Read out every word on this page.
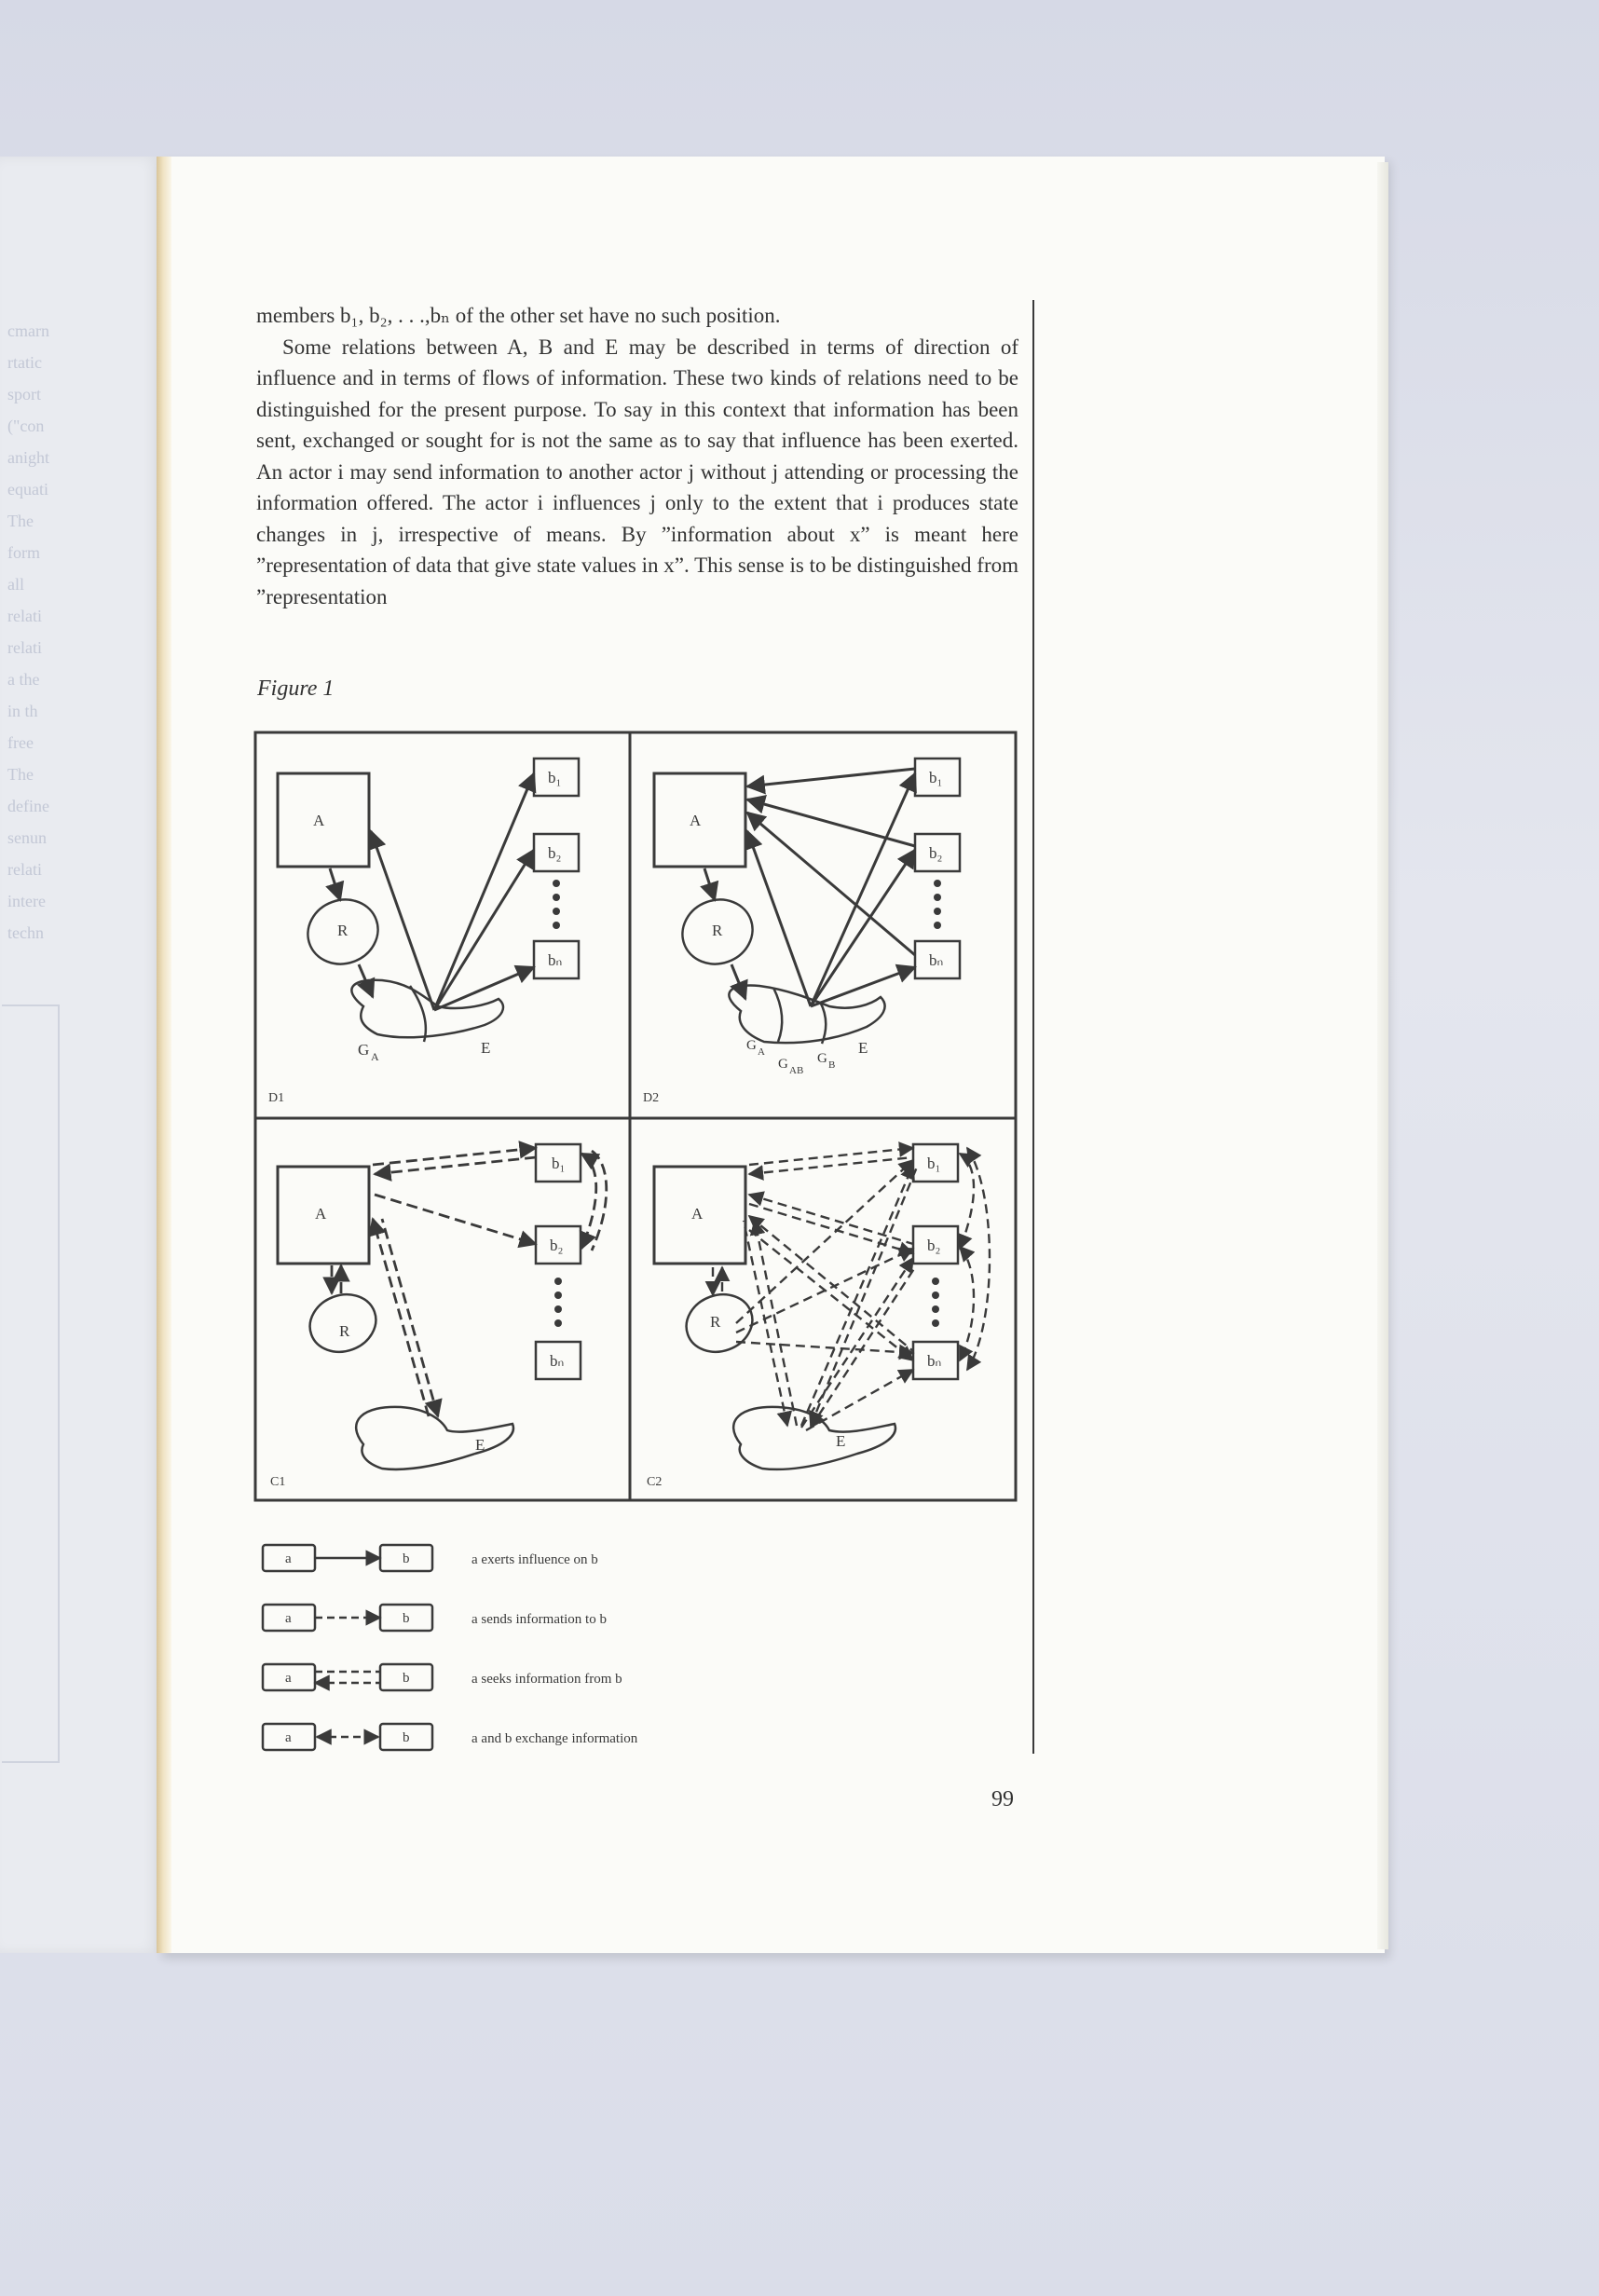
cmarn
rtatic
sport
("con
anight
equati
The
form
all
relati
relati
a the
in th
free
The
define
senun
relati
intere
techn

members b₁, b₂, . . .,bₙ of the other set have no such position.

Some relations between A, B and E may be described in terms of direction of influence and in terms of flows of information. These two kinds of relations need to be distinguished for the present purpose. To say in this context that information has been sent, exchanged or sought for is not the same as to say that influence has been exerted. An actor i may send information to another actor j without j attending or processing the information offered. The actor i influences j only to the extent that i produces state changes in j, irrespective of means. By ”information about x” is meant here ”representation of data that give state values in x”. This sense is to be distinguished from ”representation

Figure 1
A	A
A	A
R	R
R
R
E	E
E	E
b₁
b₂
bₙ
b₁
b₂
bₙ
b₁
b₂
bₙ
b₁
b₂
bₙ
G A
G A
G AB
G B
D1	D2
C1	C2
a	b	a exerts influence on b
a	b	a sends information to b
a	b	a seeks information from b
a	b	a and b exchange information
99
